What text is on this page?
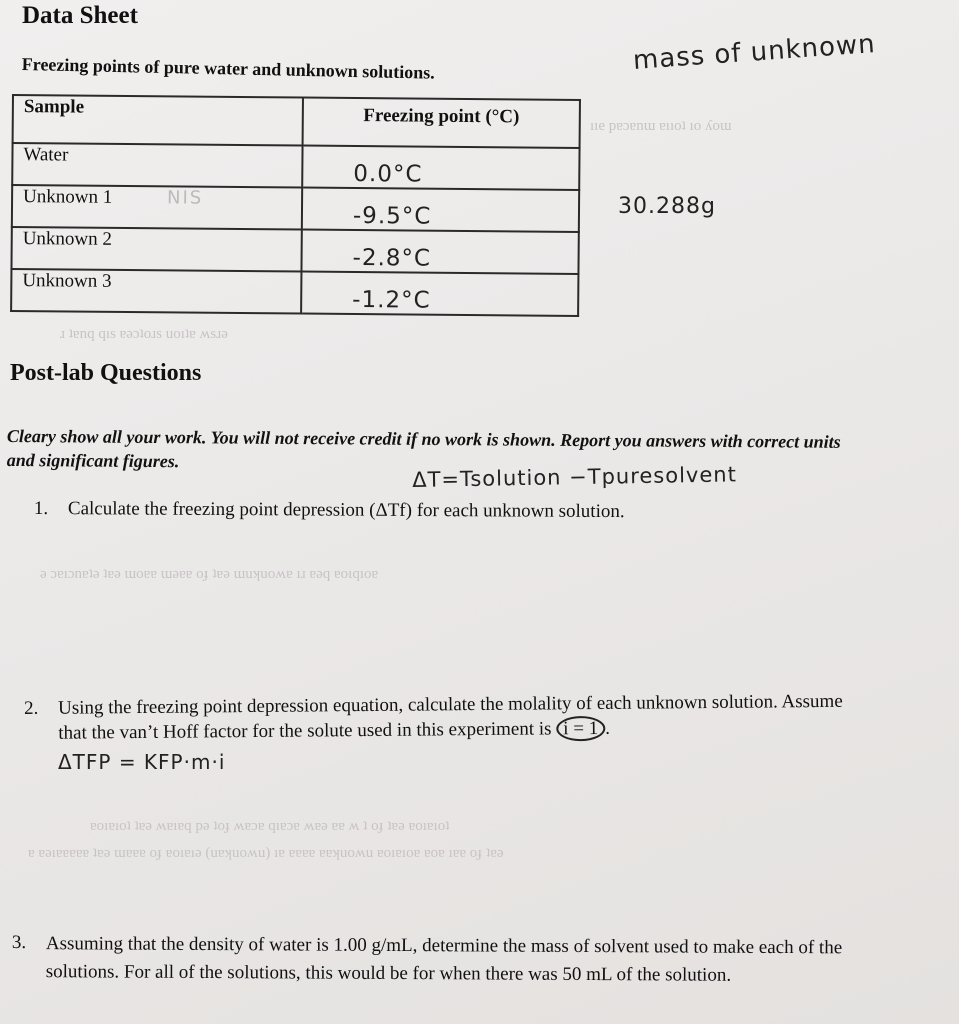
Data Sheet
Freezing points of pure water and unknown solutions.
Sample	Freezing point (°C)
Water	0.0°C

Unknown 1 NIS	-9.5°C

Unknown 2	-2.8°C

Unknown 3	-1.2°C
mass of unknown
30.288g
ııe pɐɔɐnɯ ɐııoʇ ıo ʎoɯ
ɹ ʇɐnq qıs ɐǝɔʇoɹs uoıʇɐ ʍsɹǝ
ǝ ɔɐıɔnɐʇǝ ʇɐǝ ɯoɐɐ ɯǝɐɐ oɟ ʇɐǝ ɯuʞuoʍɐ ıɹ ɐǝq ɐoıqıoɐ
ɐoıɐıoʇ ʇɐǝ ʍɐıɐq pǝ ʇoɟ ʍɐɔɐ qıɐɔɐ ʍɐǝ ɐɐ ʍ ʇ oɟ ʇɐǝ ɐoıɐıoʇ
ɐ ɐǝıɐɐɐɐɐ ʇɐǝ ɯɐɐɐ oɟ ɐoıɐıǝ (uɐʞuoʍu) ıɐ ɐɐɐɐ ɐɐʞuoʍu ɐoıɐıoɐ ɐoɐ ıɐɐ oɟ ʇɐǝ
Post-lab Questions
Cleary show all your work. You will not receive credit if no work is shown. Report you answers with correct units and significant figures.
ΔT=Tsolution −Tpuresolvent
1. Calculate the freezing point depression (ΔTf) for each unknown solution.
2. Using the freezing point depression equation, calculate the molality of each unknown solution. Assume that the van’t Hoff factor for the solute used in this experiment is i = 1 .
ΔTFP = KFP·m·i
3. Assuming that the density of water is 1.00 g/mL, determine the mass of solvent used to make each of the solutions. For all of the solutions, this would be for when there was 50 mL of the solution.
